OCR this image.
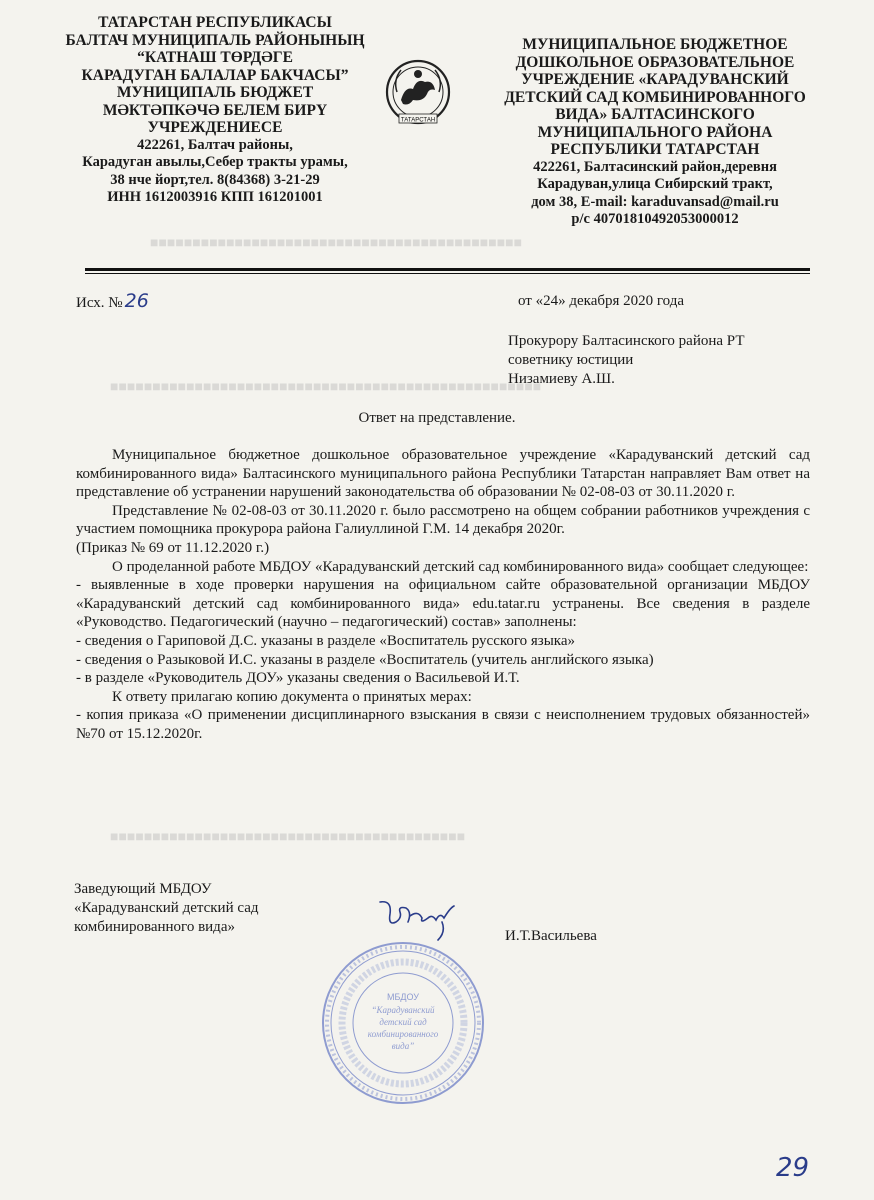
■■■■■■■■■■■■■■■■■■■■■■■■■■■■■■■■■■■■■■■■■■■■
■■■■■■■■■■■■■■■■■■■■■■■■■■■■■■■■■■■■■■■■■■■■■■■■■■■
■■■■■■■■■■■■■■■■■■■■■■■■■■■■■■■■■■■■■■■■■■
ТАТАРСТАН РЕСПУБЛИКАСЫ
БАЛТАЧ МУНИЦИПАЛЬ РАЙОНЫНЫҢ
“КАТНАШ ТӨРДӘГЕ
КАРАДУГАН БАЛАЛАР БАКЧАСЫ”
МУНИЦИПАЛЬ БЮДЖЕТ
МӘКТӘПКӘЧӘ БЕЛЕМ БИРҮ
УЧРЕЖДЕНИЕСЕ
422261, Балтач районы,
Карадуган авылы,Себер тракты урамы,
38 нче йорт,тел. 8(84368) 3-21-29
ИНН 1612003916 КПП 161201001
ТАТАРСТАН
МУНИЦИПАЛЬНОЕ БЮДЖЕТНОЕ
ДОШКОЛЬНОЕ ОБРАЗОВАТЕЛЬНОЕ
УЧРЕЖДЕНИЕ «КАРАДУВАНСКИЙ
ДЕТСКИЙ САД КОМБИНИРОВАННОГО
ВИДА» БАЛТАСИНСКОГО
МУНИЦИПАЛЬНОГО РАЙОНА
РЕСПУБЛИКИ ТАТАРСТАН
422261, Балтасинский район,деревня
Карадуван,улица Сибирский тракт,
дом 38, E-mail: karaduvansad@mail.ru
р/с 40701810492053000012
Исх. № 26	от «24» декабря 2020 года
Прокурору Балтасинского района РТ
советнику юстиции
Низамиеву А.Ш.
Ответ на представление.

Муниципальное бюджетное дошкольное образовательное учреждение «Карадуванский детский сад комбинированного вида» Балтасинского муниципального района Республики Татарстан направляет Вам ответ на представление об устранении нарушений законодательства об образовании № 02-08-03 от 30.11.2020 г.

Представление № 02-08-03 от 30.11.2020 г. было рассмотрено на общем собрании работников учреждения с участием помощника прокурора района Галиуллиной Г.М. 14 декабря 2020г.

(Приказ № 69 от 11.12.2020 г.)

О проделанной работе МБДОУ «Карадуванский детский сад комбинированного вида» сообщает следующее:

- выявленные в ходе проверки нарушения на официальном сайте образовательной организации МБДОУ «Карадуванский детский сад комбинированного вида» edu.tatar.ru устранены. Все сведения в разделе «Руководство. Педагогический (научно – педагогический) состав» заполнены:

- сведения о Гариповой Д.С. указаны в разделе «Воспитатель русского языка»

- сведения о Разыковой И.С. указаны в разделе «Воспитатель (учитель английского языка)

- в разделе «Руководитель ДОУ» указаны сведения о Васильевой И.Т.

К ответу прилагаю копию документа о принятых мерах:

- копия приказа «О применении дисциплинарного взыскания в связи с неисполнением трудовых обязанностей» №70 от 15.12.2020г.

Заведующий МБДОУ
«Карадуванский детский сад
комбинированного вида»
МБДОУ
“Карадуванский
детский сад
комбинированного
вида”
И.Т.Васильева
29
